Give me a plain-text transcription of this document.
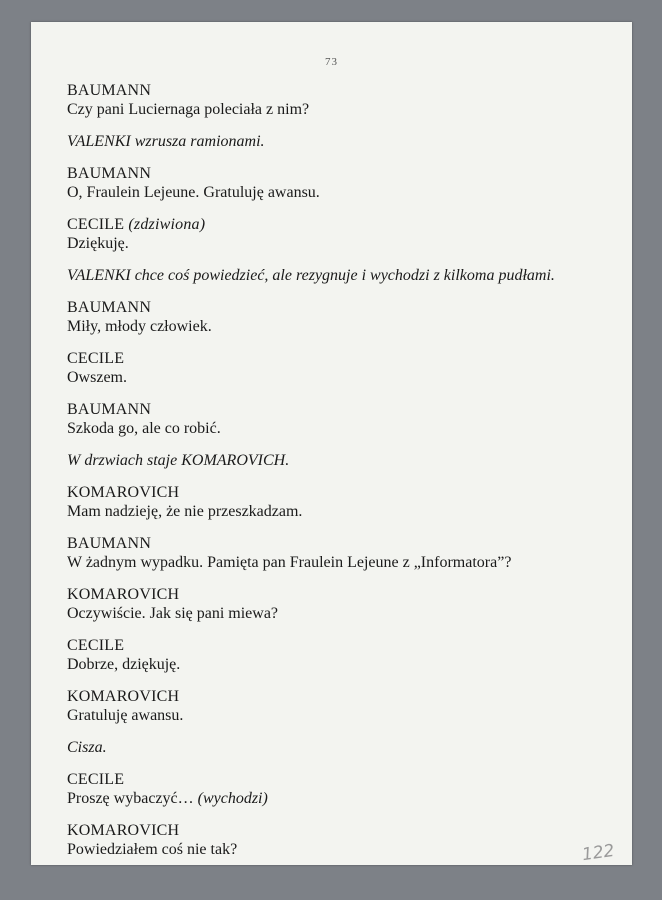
73
BAUMANN
Czy pani Luciernaga poleciała z nim?
VALENKI wzrusza ramionami.
BAUMANN
O, Fraulein Lejeune. Gratuluję awansu.
CECILE (zdziwiona)
Dziękuję.
VALENKI chce coś powiedzieć, ale rezygnuje i wychodzi z kilkoma pudłami.
BAUMANN
Miły, młody człowiek.
CECILE
Owszem.
BAUMANN
Szkoda go, ale co robić.
W drzwiach staje KOMAROVICH.
KOMAROVICH
Mam nadzieję, że nie przeszkadzam.
BAUMANN
W żadnym wypadku. Pamięta pan Fraulein Lejeune z „Informatora”?
KOMAROVICH
Oczywiście. Jak się pani miewa?
CECILE
Dobrze, dziękuję.
KOMAROVICH
Gratuluję awansu.
Cisza.
CECILE
Proszę wybaczyć… (wychodzi)
KOMAROVICH
Powiedziałem coś nie tak?	122
